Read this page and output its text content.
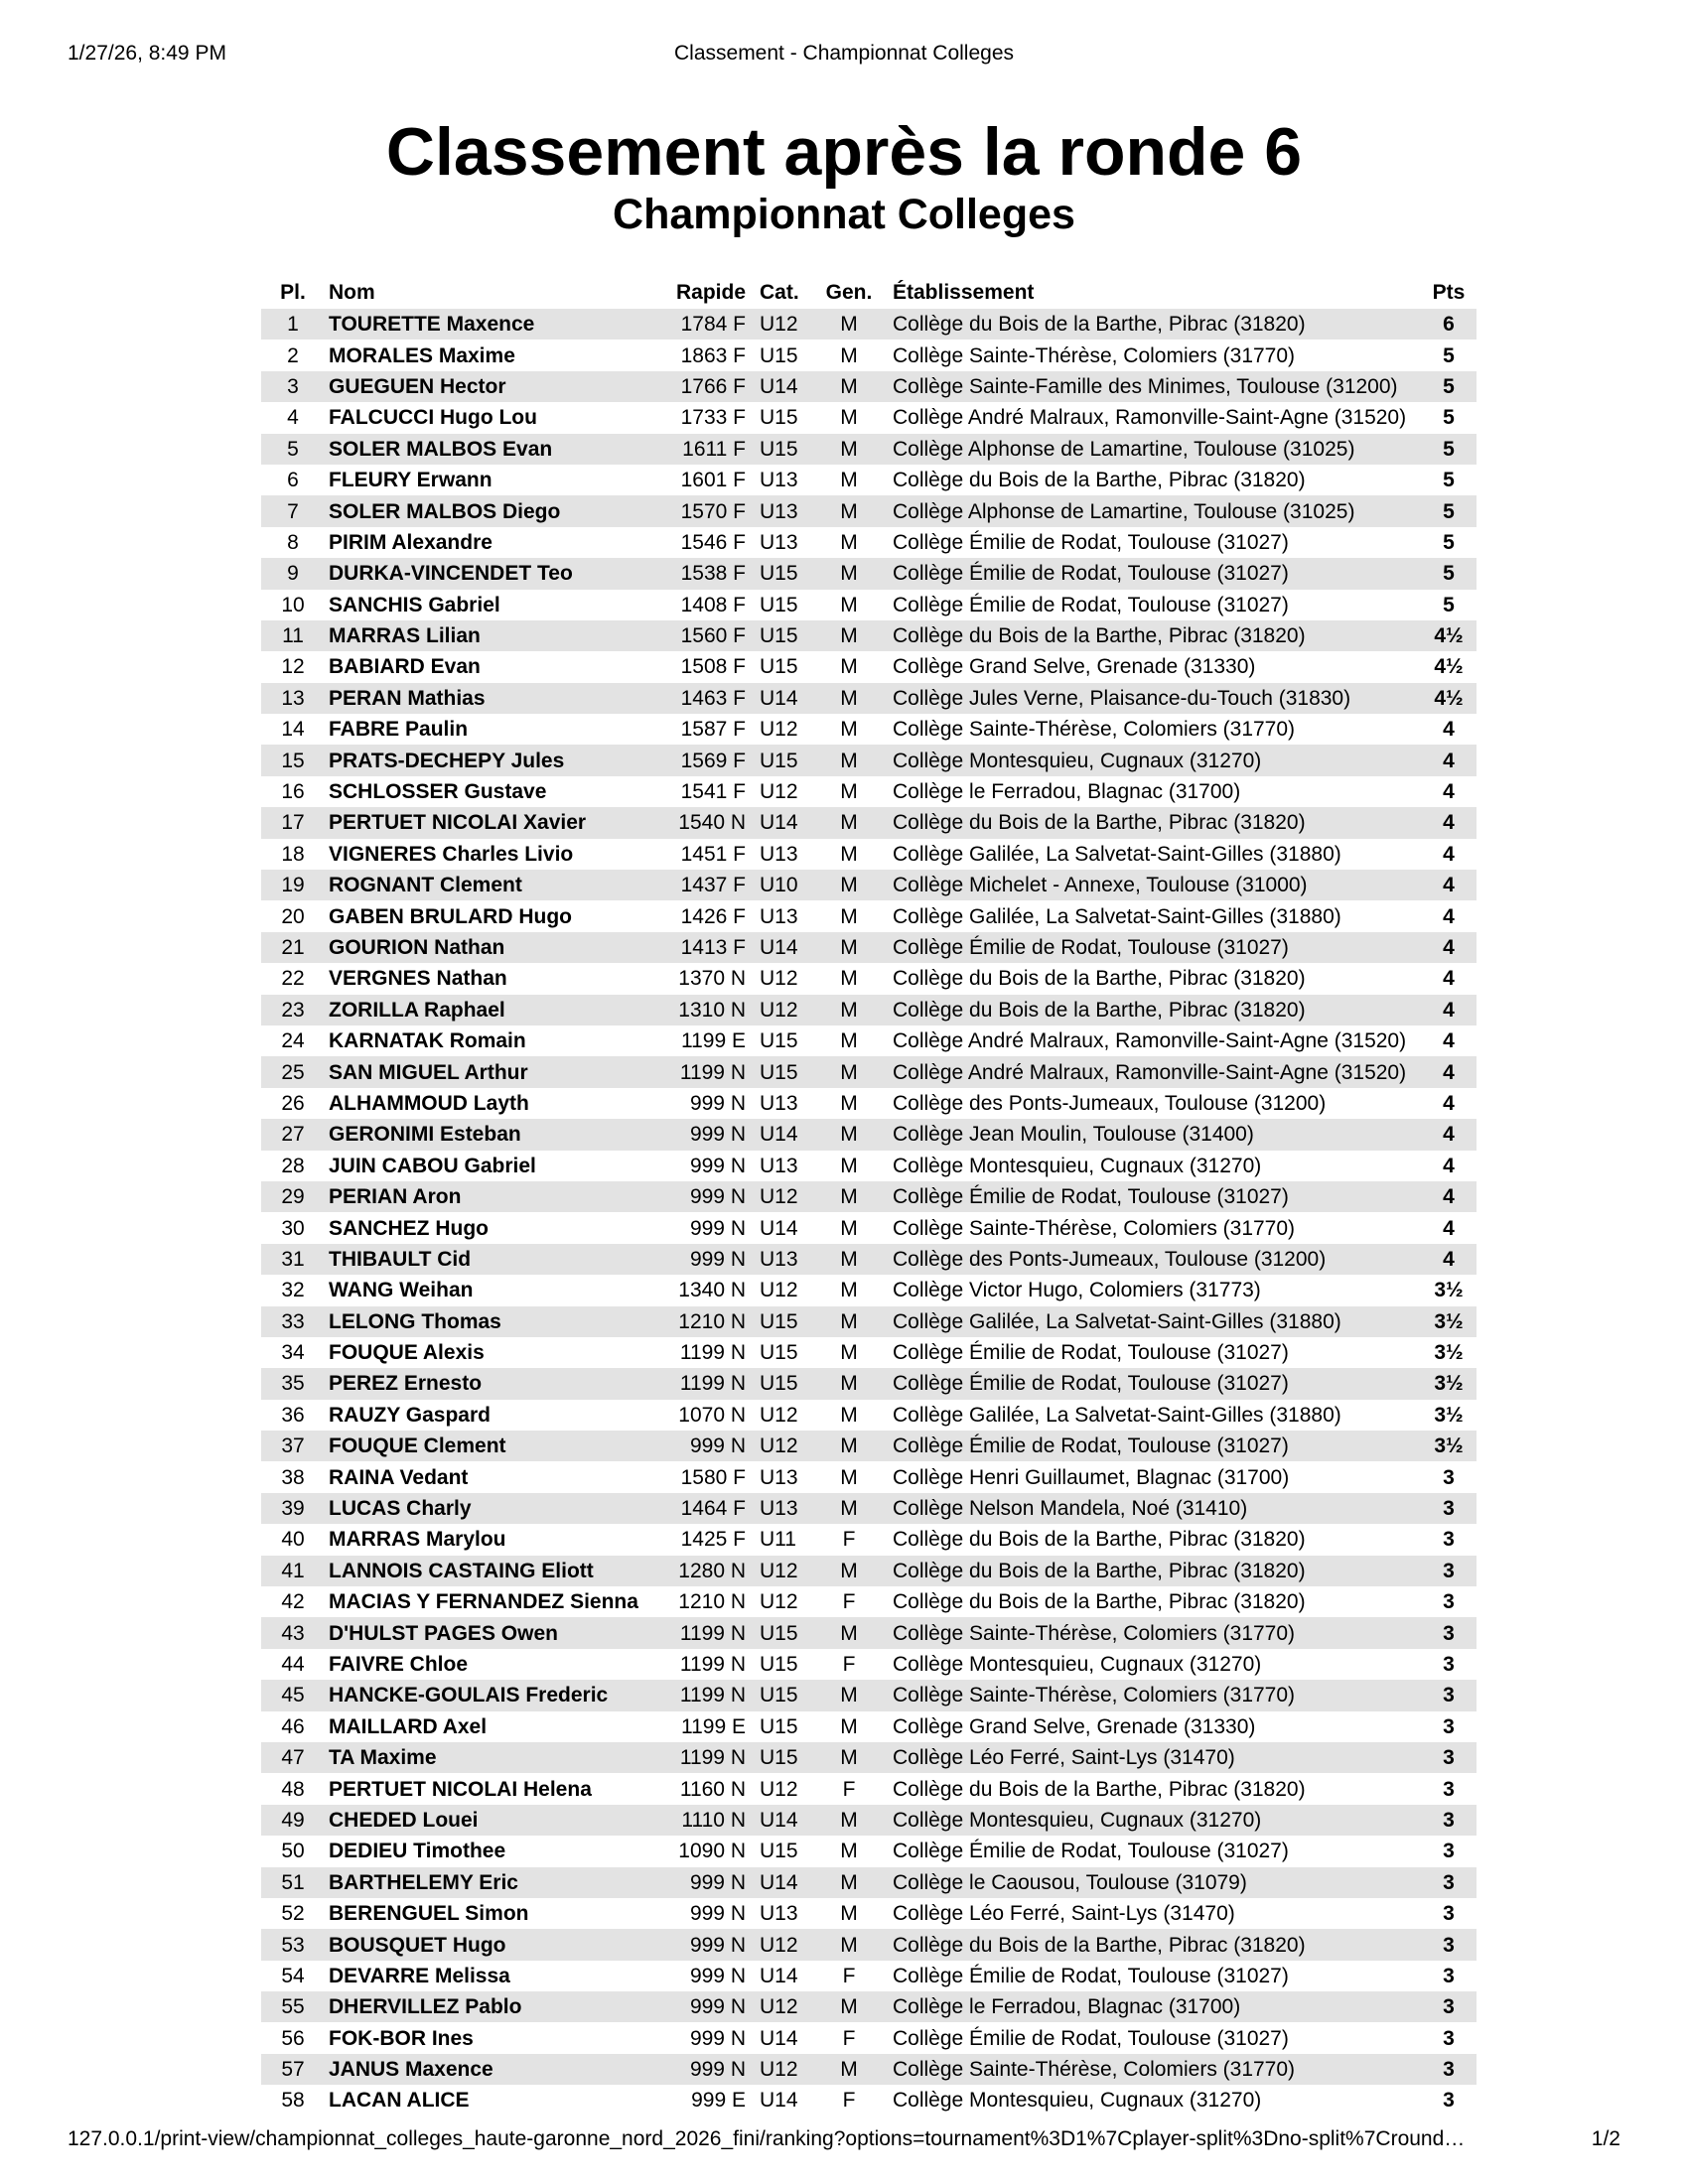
1/27/26, 8:49 PM	Classement - Championnat Colleges
Classement après la ronde 6
Championnat Colleges
Pl.	Nom	Rapide	Cat.	Gen.	Établissement	Pts
1	TOURETTE Maxence	1784 F	U12	M	Collège du Bois de la Barthe, Pibrac (31820)	6
2	MORALES Maxime	1863 F	U15	M	Collège Sainte-Thérèse, Colomiers (31770)	5
3	GUEGUEN Hector	1766 F	U14	M	Collège Sainte-Famille des Minimes, Toulouse (31200)	5
4	FALCUCCI Hugo Lou	1733 F	U15	M	Collège André Malraux, Ramonville-Saint-Agne (31520)	5
5	SOLER MALBOS Evan	1611 F	U15	M	Collège Alphonse de Lamartine, Toulouse (31025)	5
6	FLEURY Erwann	1601 F	U13	M	Collège du Bois de la Barthe, Pibrac (31820)	5
7	SOLER MALBOS Diego	1570 F	U13	M	Collège Alphonse de Lamartine, Toulouse (31025)	5
8	PIRIM Alexandre	1546 F	U13	M	Collège Émilie de Rodat, Toulouse (31027)	5
9	DURKA-VINCENDET Teo	1538 F	U15	M	Collège Émilie de Rodat, Toulouse (31027)	5
10	SANCHIS Gabriel	1408 F	U15	M	Collège Émilie de Rodat, Toulouse (31027)	5
11	MARRAS Lilian	1560 F	U15	M	Collège du Bois de la Barthe, Pibrac (31820)	4½
12	BABIARD Evan	1508 F	U15	M	Collège Grand Selve, Grenade (31330)	4½
13	PERAN Mathias	1463 F	U14	M	Collège Jules Verne, Plaisance-du-Touch (31830)	4½
14	FABRE Paulin	1587 F	U12	M	Collège Sainte-Thérèse, Colomiers (31770)	4
15	PRATS-DECHEPY Jules	1569 F	U15	M	Collège Montesquieu, Cugnaux (31270)	4
16	SCHLOSSER Gustave	1541 F	U12	M	Collège le Ferradou, Blagnac (31700)	4
17	PERTUET NICOLAI Xavier	1540 N	U14	M	Collège du Bois de la Barthe, Pibrac (31820)	4
18	VIGNERES Charles Livio	1451 F	U13	M	Collège Galilée, La Salvetat-Saint-Gilles (31880)	4
19	ROGNANT Clement	1437 F	U10	M	Collège Michelet - Annexe, Toulouse (31000)	4
20	GABEN BRULARD Hugo	1426 F	U13	M	Collège Galilée, La Salvetat-Saint-Gilles (31880)	4
21	GOURION Nathan	1413 F	U14	M	Collège Émilie de Rodat, Toulouse (31027)	4
22	VERGNES Nathan	1370 N	U12	M	Collège du Bois de la Barthe, Pibrac (31820)	4
23	ZORILLA Raphael	1310 N	U12	M	Collège du Bois de la Barthe, Pibrac (31820)	4
24	KARNATAK Romain	1199 E	U15	M	Collège André Malraux, Ramonville-Saint-Agne (31520)	4
25	SAN MIGUEL Arthur	1199 N	U15	M	Collège André Malraux, Ramonville-Saint-Agne (31520)	4
26	ALHAMMOUD Layth	999 N	U13	M	Collège des Ponts-Jumeaux, Toulouse (31200)	4
27	GERONIMI Esteban	999 N	U14	M	Collège Jean Moulin, Toulouse (31400)	4
28	JUIN CABOU Gabriel	999 N	U13	M	Collège Montesquieu, Cugnaux (31270)	4
29	PERIAN Aron	999 N	U12	M	Collège Émilie de Rodat, Toulouse (31027)	4
30	SANCHEZ Hugo	999 N	U14	M	Collège Sainte-Thérèse, Colomiers (31770)	4
31	THIBAULT Cid	999 N	U13	M	Collège des Ponts-Jumeaux, Toulouse (31200)	4
32	WANG Weihan	1340 N	U12	M	Collège Victor Hugo, Colomiers (31773)	3½
33	LELONG Thomas	1210 N	U15	M	Collège Galilée, La Salvetat-Saint-Gilles (31880)	3½
34	FOUQUE Alexis	1199 N	U15	M	Collège Émilie de Rodat, Toulouse (31027)	3½
35	PEREZ Ernesto	1199 N	U15	M	Collège Émilie de Rodat, Toulouse (31027)	3½
36	RAUZY Gaspard	1070 N	U12	M	Collège Galilée, La Salvetat-Saint-Gilles (31880)	3½
37	FOUQUE Clement	999 N	U12	M	Collège Émilie de Rodat, Toulouse (31027)	3½
38	RAINA Vedant	1580 F	U13	M	Collège Henri Guillaumet, Blagnac (31700)	3
39	LUCAS Charly	1464 F	U13	M	Collège Nelson Mandela, Noé (31410)	3
40	MARRAS Marylou	1425 F	U11	F	Collège du Bois de la Barthe, Pibrac (31820)	3
41	LANNOIS CASTAING Eliott	1280 N	U12	M	Collège du Bois de la Barthe, Pibrac (31820)	3
42	MACIAS Y FERNANDEZ Sienna	1210 N	U12	F	Collège du Bois de la Barthe, Pibrac (31820)	3
43	D'HULST PAGES Owen	1199 N	U15	M	Collège Sainte-Thérèse, Colomiers (31770)	3
44	FAIVRE Chloe	1199 N	U15	F	Collège Montesquieu, Cugnaux (31270)	3
45	HANCKE-GOULAIS Frederic	1199 N	U15	M	Collège Sainte-Thérèse, Colomiers (31770)	3
46	MAILLARD Axel	1199 E	U15	M	Collège Grand Selve, Grenade (31330)	3
47	TA Maxime	1199 N	U15	M	Collège Léo Ferré, Saint-Lys (31470)	3
48	PERTUET NICOLAI Helena	1160 N	U12	F	Collège du Bois de la Barthe, Pibrac (31820)	3
49	CHEDED Louei	1110 N	U14	M	Collège Montesquieu, Cugnaux (31270)	3
50	DEDIEU Timothee	1090 N	U15	M	Collège Émilie de Rodat, Toulouse (31027)	3
51	BARTHELEMY Eric	999 N	U14	M	Collège le Caousou, Toulouse (31079)	3
52	BERENGUEL Simon	999 N	U13	M	Collège Léo Ferré, Saint-Lys (31470)	3
53	BOUSQUET Hugo	999 N	U12	M	Collège du Bois de la Barthe, Pibrac (31820)	3
54	DEVARRE Melissa	999 N	U14	F	Collège Émilie de Rodat, Toulouse (31027)	3
55	DHERVILLEZ Pablo	999 N	U12	M	Collège le Ferradou, Blagnac (31700)	3
56	FOK-BOR Ines	999 N	U14	F	Collège Émilie de Rodat, Toulouse (31027)	3
57	JANUS Maxence	999 N	U12	M	Collège Sainte-Thérèse, Colomiers (31770)	3
58	LACAN ALICE	999 E	U14	F	Collège Montesquieu, Cugnaux (31270)	3
127.0.0.1/print-view/championnat_colleges_haute-garonne_nord_2026_fini/ranking?options=tournament%3D1%7Cplayer-split%3Dno-split%7Cround…	1/2
